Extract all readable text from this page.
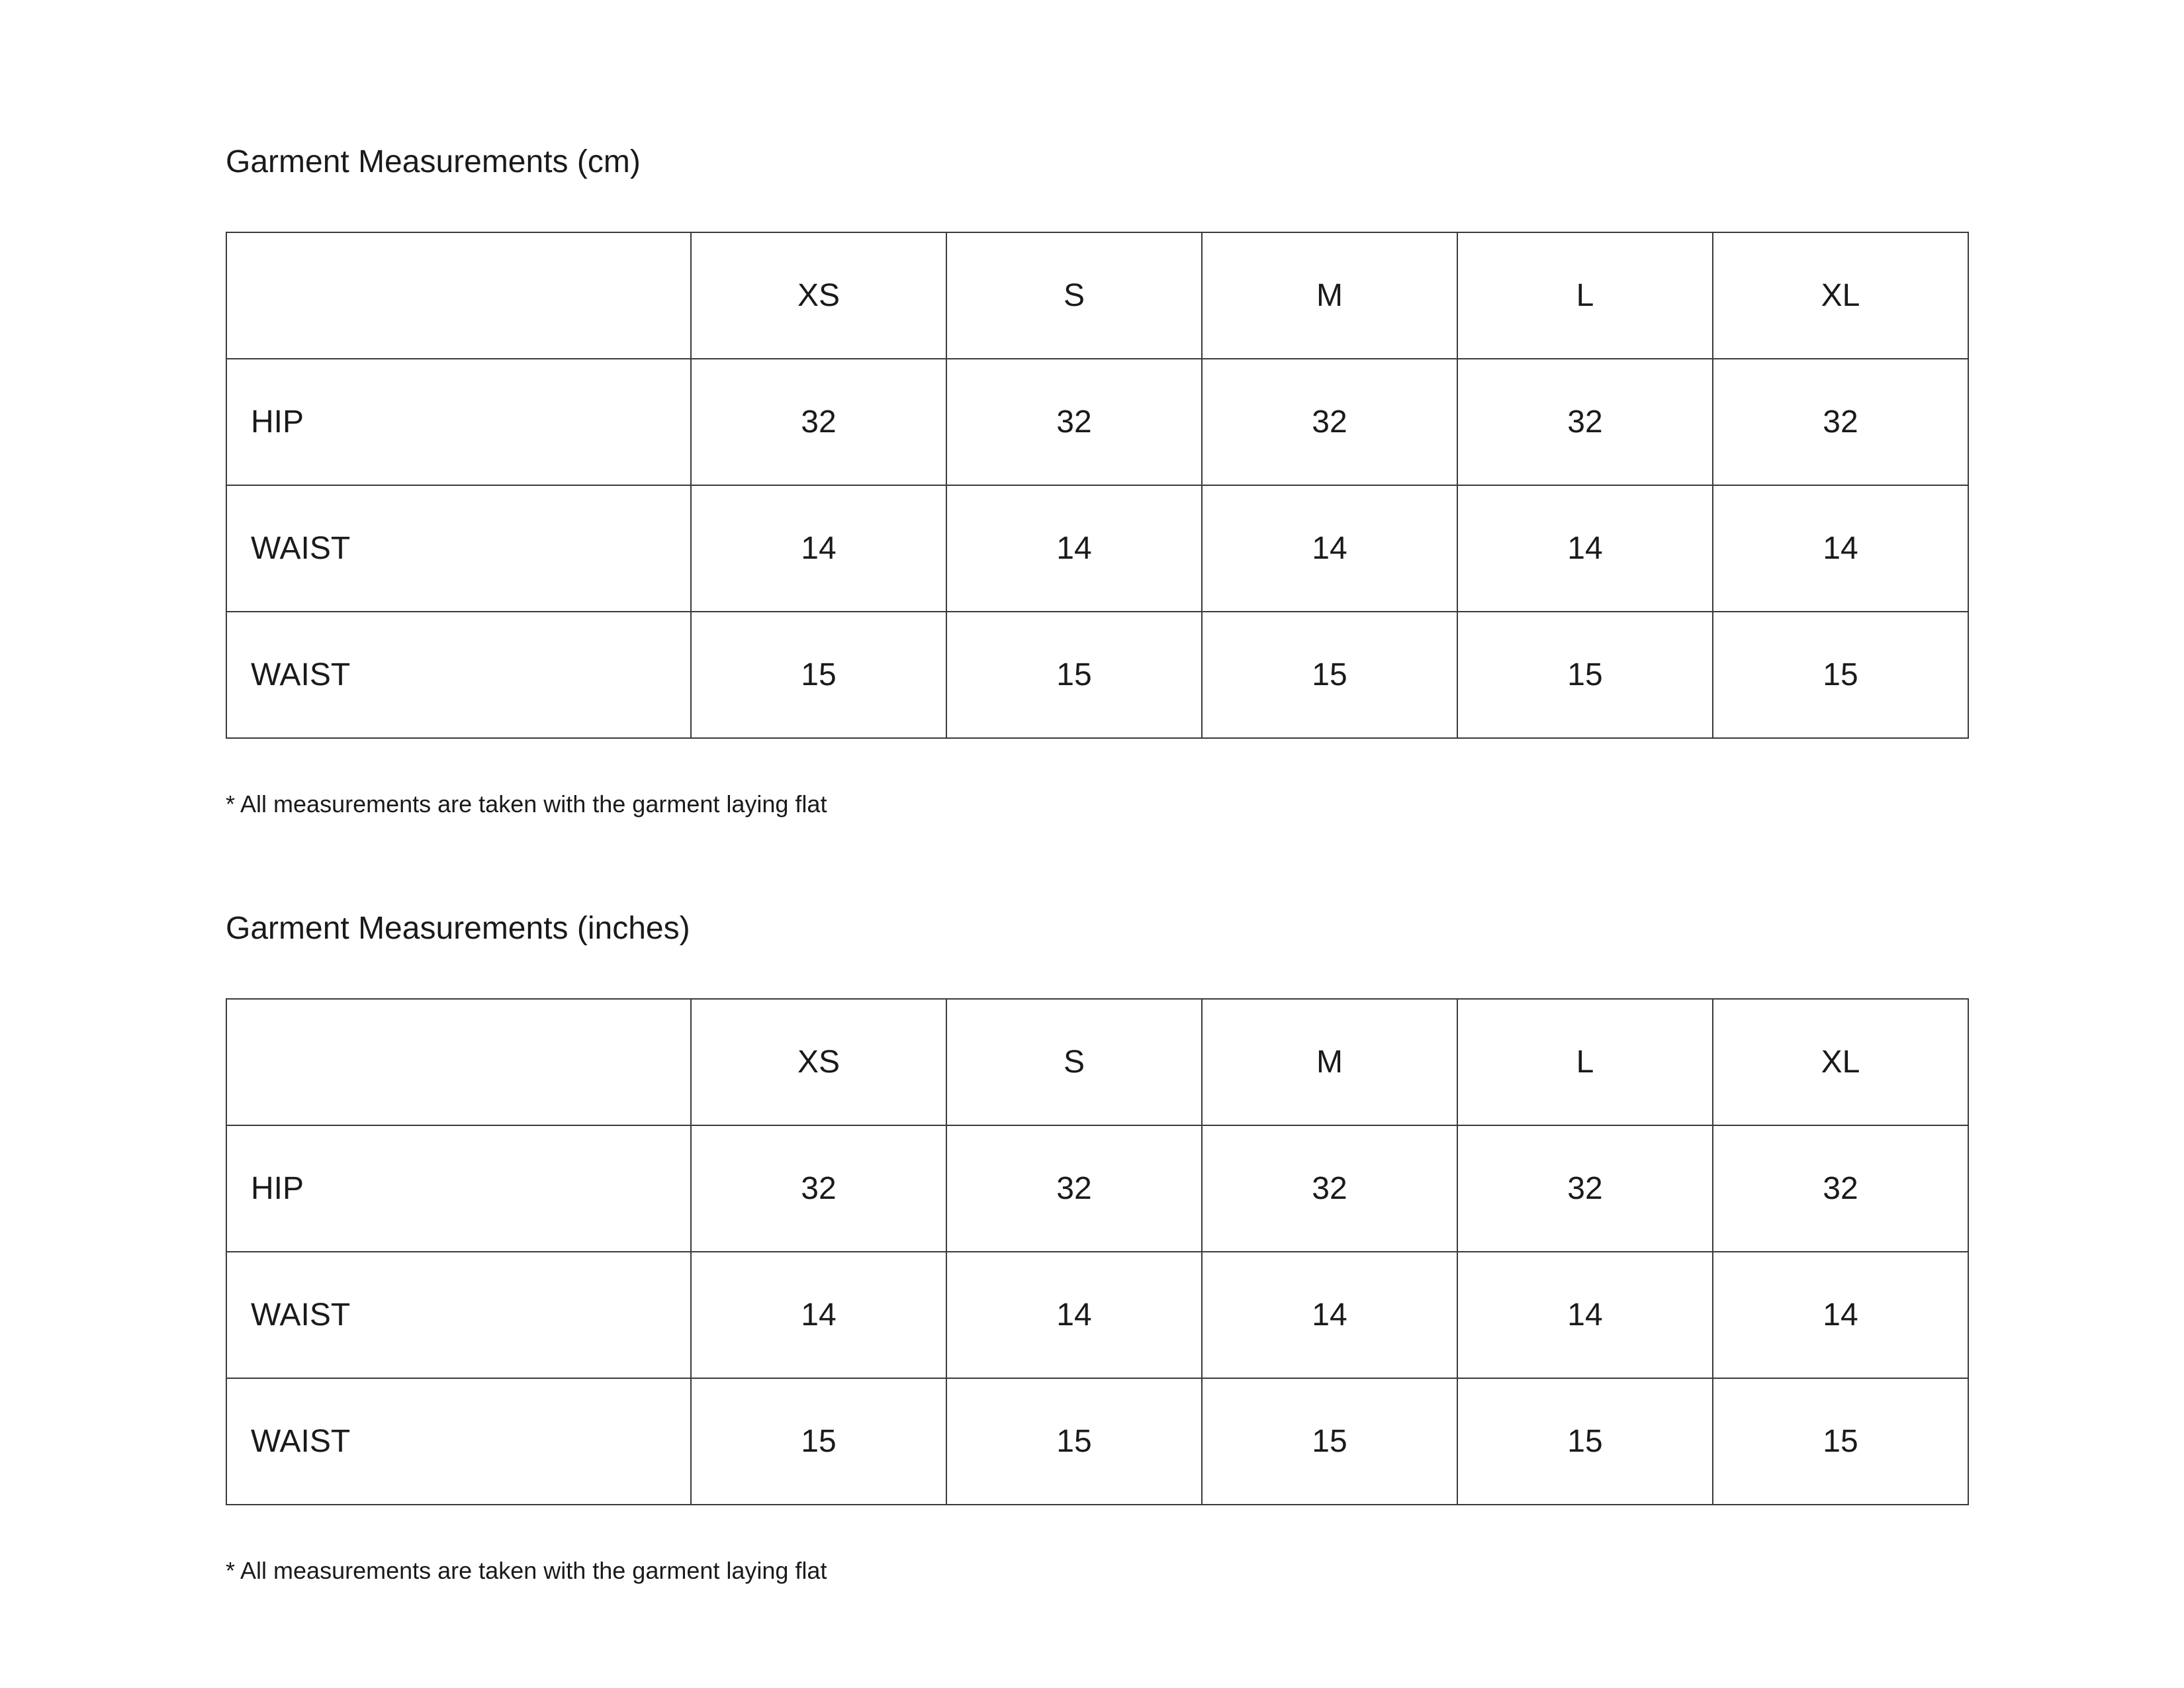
Garment Measurements (cm)
	XS	S	M	L	XL
HIP	32	32	32	32	32
WAIST	14	14	14	14	14
WAIST	15	15	15	15	15
* All measurements are taken with the garment laying flat
Garment Measurements (inches)
	XS	S	M	L	XL
HIP	32	32	32	32	32
WAIST	14	14	14	14	14
WAIST	15	15	15	15	15
* All measurements are taken with the garment laying flat
